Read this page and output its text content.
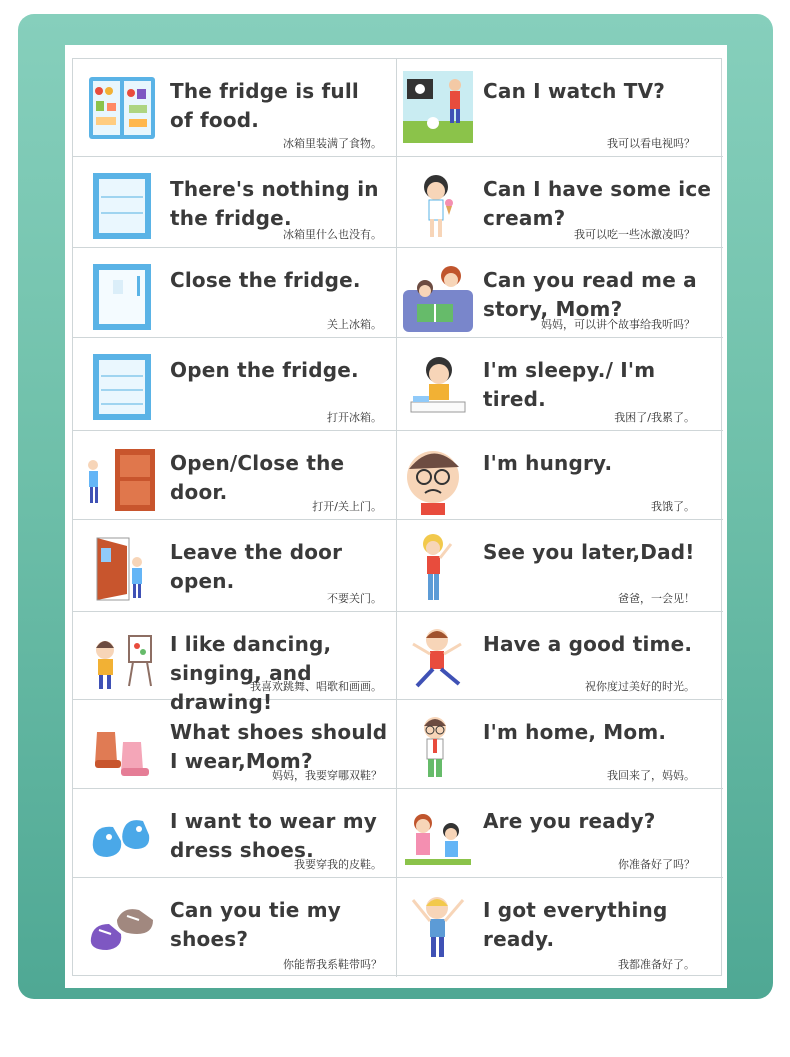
The fridge is full of food.
冰箱里装满了食物。
Can I watch TV?
我可以看电视吗？
There's nothing in the fridge.
冰箱里什么也没有。
Can I have some ice cream?
我可以吃一些冰激凌吗？
Close the fridge.
关上冰箱。
Can you read me a story, Mom?
妈妈，可以讲个故事给我听吗？
Open the fridge.
打开冰箱。
I'm sleepy./ I'm tired.
我困了/我累了。
Open/Close the door.
打开/关上门。
I'm hungry.
我饿了。
Leave the door open.
不要关门。
See you later,Dad!
爸爸，一会见！
I like dancing, singing, and drawing!
我喜欢跳舞、唱歌和画画。
Have a good time.
祝你度过美好的时光。
What shoes should I wear,Mom?
妈妈，我要穿哪双鞋？
I'm home, Mom.
我回来了，妈妈。
I want to wear my dress shoes.
我要穿我的皮鞋。
Are you ready?
你准备好了吗？
Can you tie my shoes?
你能帮我系鞋带吗？
I got everything ready.
我都准备好了。
